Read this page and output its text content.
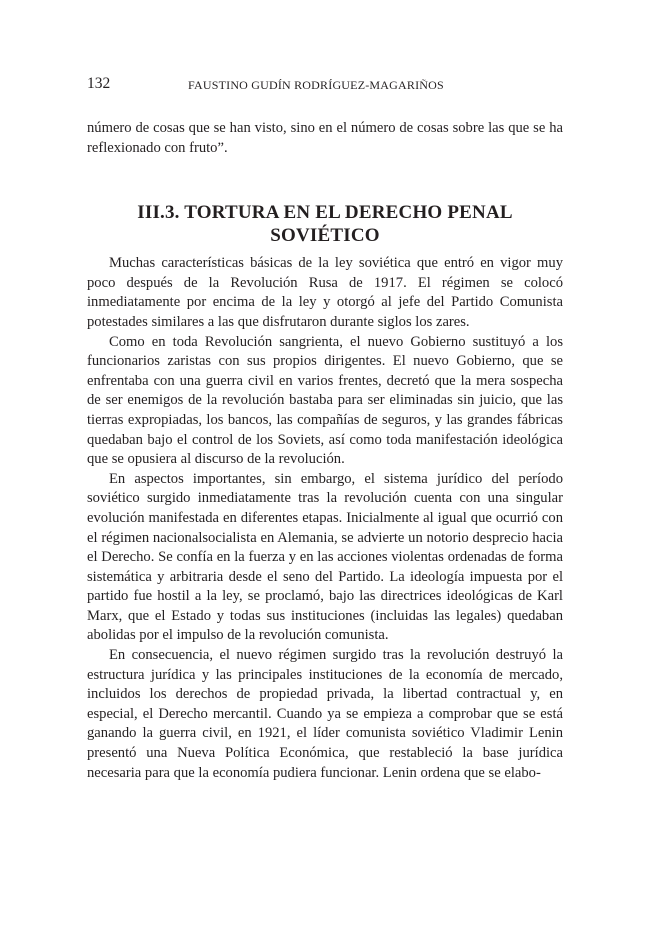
132	FAUSTINO GUDÍN RODRÍGUEZ-MAGARIÑOS

número de cosas que se han visto, sino en el número de cosas sobre las que se ha reflexionado con fruto”.

III.3. TORTURA EN EL DERECHO PENAL
SOVIÉTICO

Muchas características básicas de la ley soviética que entró en vigor muy poco después de la Revolución Rusa de 1917. El régimen se colocó inmediatamente por encima de la ley y otorgó al jefe del Partido Comunista potestades similares a las que disfrutaron durante siglos los zares.

Como en toda Revolución sangrienta, el nuevo Gobierno sustituyó a los funcionarios zaristas con sus propios dirigentes. El nuevo Gobierno, que se enfrentaba con una guerra civil en varios frentes, decretó que la mera sospecha de ser enemigos de la revolución bastaba para ser eliminadas sin juicio, que las tierras expropiadas, los bancos, las compañías de seguros, y las grandes fábricas quedaban bajo el control de los Soviets, así como toda manifestación ideológica que se opusiera al discurso de la revolución.

En aspectos importantes, sin embargo, el sistema jurídico del período soviético surgido inmediatamente tras la revolución cuenta con una singular evolución manifestada en diferentes etapas. Inicialmente al igual que ocurrió con el régimen nacionalsocialista en Alemania, se advierte un notorio desprecio hacia el Derecho. Se confía en la fuerza y en las acciones violentas ordenadas de forma sistemática y arbitraria desde el seno del Partido. La ideología impuesta por el partido fue hostil a la ley, se proclamó, bajo las directrices ideológicas de Karl Marx, que el Estado y todas sus instituciones (incluidas las legales) quedaban abolidas por el impulso de la revolución comunista.

En consecuencia, el nuevo régimen surgido tras la revolución destruyó la estructura jurídica y las principales instituciones de la economía de mercado, incluidos los derechos de propiedad privada, la libertad contractual y, en especial, el Derecho mercantil. Cuando ya se empieza a comprobar que se está ganando la guerra civil, en 1921, el líder comunista soviético Vladimir Lenin presentó una Nueva Política Económica, que restableció la base jurídica necesaria para que la economía pudiera funcionar. Lenin ordena que se elabo-
